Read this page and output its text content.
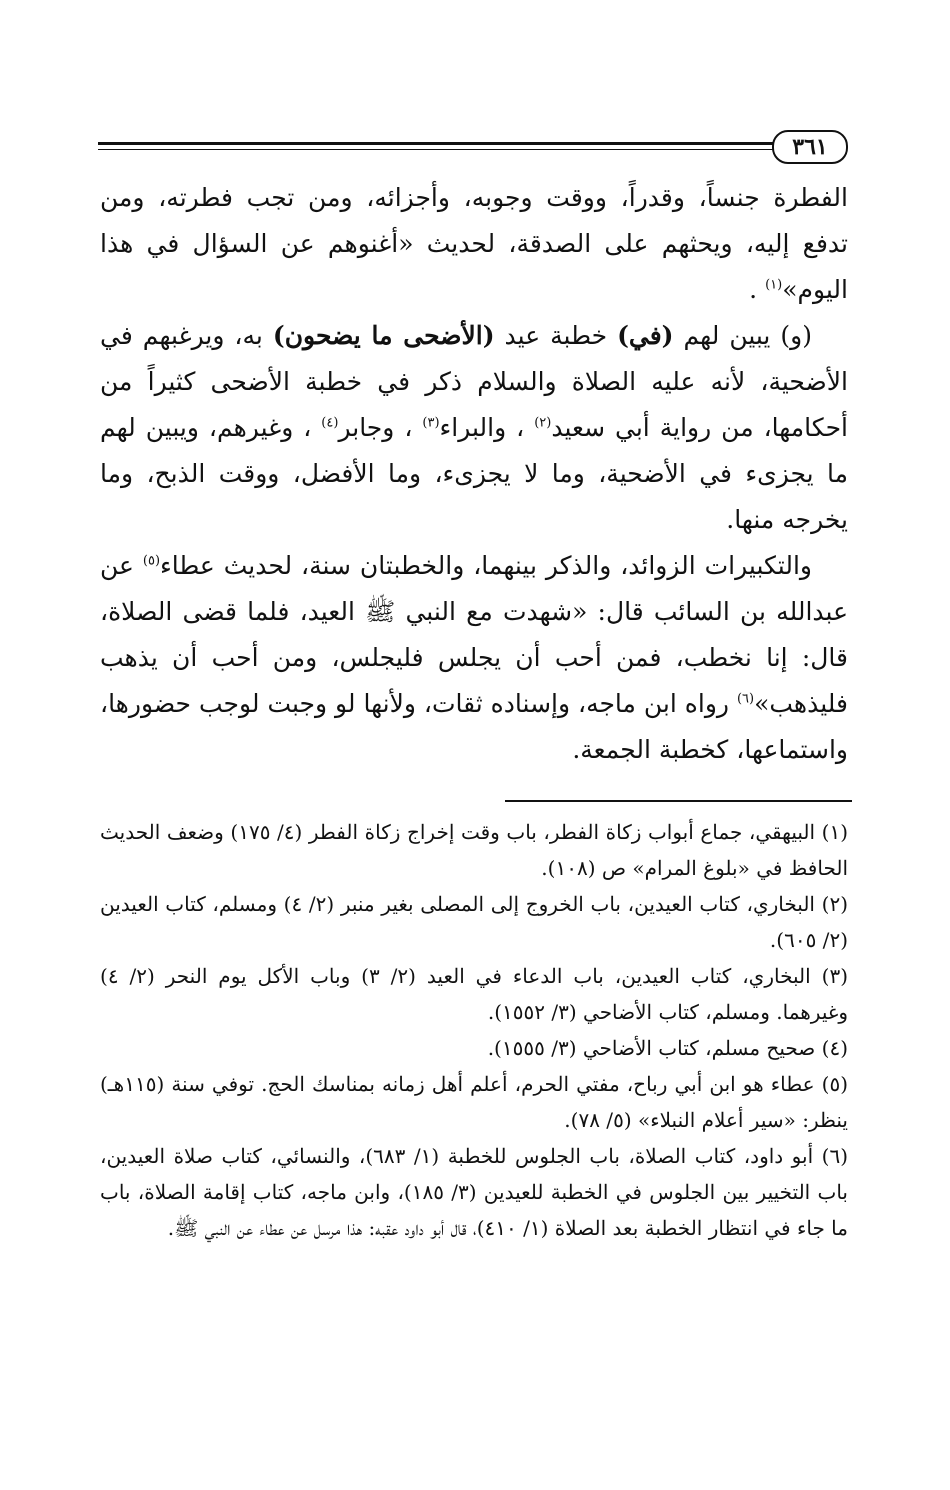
٣٦١

الفطرة جنساً، وقدراً، ووقت وجوبه، وأجزائه، ومن تجب فطرته، ومن تدفع إليه، ويحثهم على الصدقة، لحديث «أغنوهم عن السؤال في هذا اليوم»$^{(١)}$ .

(و) يبين لهم (في) خطبة عيد (الأضحى ما يضحون) به، ويرغبهم في الأضحية، لأنه عليه الصلاة والسلام ذكر في خطبة الأضحى كثيراً من أحكامها، من رواية أبي سعيد$^{(٢)}$ ، والبراء$^{(٣)}$ ، وجابر$^{(٤)}$ ، وغيرهم، ويبين لهم ما يجزىء في الأضحية، وما لا يجزىء، وما الأفضل، ووقت الذبح، وما يخرجه منها.

والتكبيرات الزوائد، والذكر بينهما، والخطبتان سنة، لحديث عطاء$^{(٥)}$ عن عبدالله بن السائب قال: «شهدت مع النبي ﷺ العيد، فلما قضى الصلاة، قال: إنا نخطب، فمن أحب أن يجلس فليجلس، ومن أحب أن يذهب فليذهب»$^{(٦)}$ رواه ابن ماجه، وإسناده ثقات، ولأنها لو وجبت لوجب حضورها، واستماعها، كخطبة الجمعة.

(١) البيهقي، جماع أبواب زكاة الفطر، باب وقت إخراج زكاة الفطر (٤/ ١٧٥) وضعف الحديث الحافظ في «بلوغ المرام» ص (١٠٨).

(٢) البخاري، كتاب العيدين، باب الخروج إلى المصلى بغير منبر (٢/ ٤) ومسلم، كتاب العيدين (٢/ ٦٠٥).

(٣) البخاري، كتاب العيدين، باب الدعاء في العيد (٢/ ٣) وباب الأكل يوم النحر (٢/ ٤) وغيرهما. ومسلم، كتاب الأضاحي (٣/ ١٥٥٢).

(٤) صحيح مسلم، كتاب الأضاحي (٣/ ١٥٥٥).

(٥) عطاء هو ابن أبي رباح، مفتي الحرم، أعلم أهل زمانه بمناسك الحج. توفي سنة (١١٥هـ) ينظر: «سير أعلام النبلاء» (٥/ ٧٨).

(٦) أبو داود، كتاب الصلاة، باب الجلوس للخطبة (١/ ٦٨٣)، والنسائي، كتاب صلاة العيدين، باب التخيير بين الجلوس في الخطبة للعيدين (٣/ ١٨٥)، وابن ماجه، كتاب إقامة الصلاة، باب ما جاء في انتظار الخطبة بعد الصلاة (١/ ٤١٠)، قال أبو داود عقبه: هذا مرسل عن عطاء عن النبي ﷺ.
